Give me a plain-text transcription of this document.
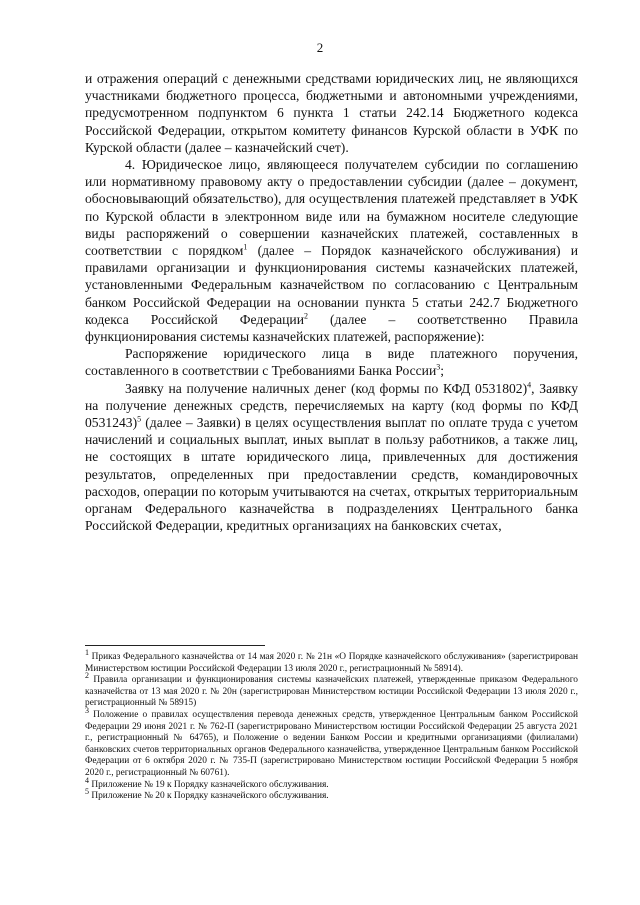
2

и отражения операций с денежными средствами юридических лиц, не являющихся участниками бюджетного процесса, бюджетными и автономными учреждениями, предусмотренном подпунктом 6 пункта 1 статьи 242.14 Бюджетного кодекса Российской Федерации, открытом комитету финансов Курской области в УФК по Курской области (далее – казначейский счет).

4. Юридическое лицо, являющееся получателем субсидии по соглашению или нормативному правовому акту о предоставлении субсидии (далее – документ, обосновывающий обязательство), для осуществления платежей представляет в УФК по Курской области в электронном виде или на бумажном носителе следующие виды распоряжений о совершении казначейских платежей, составленных в соответствии с порядком$^1$ (далее – Порядок казначейского обслуживания) и правилами организации и функционирования системы казначейских платежей, установленными Федеральным казначейством по согласованию с Центральным банком Российской Федерации на основании пункта 5 статьи 242.7 Бюджетного кодекса Российской Федерации$^2$ (далее – соответственно Правила функционирования системы казначейских платежей, распоряжение):

Распоряжение юридического лица в виде платежного поручения, составленного в соответствии с Требованиями Банка России$^3$;

Заявку на получение наличных денег (код формы по КФД 0531802)$^4$, Заявку на получение денежных средств, перечисляемых на карту (код формы по КФД 0531243)$^5$ (далее – Заявки) в целях осуществления выплат по оплате труда с учетом начислений и социальных выплат, иных выплат в пользу работников, а также лиц, не состоящих в штате юридического лица, привлеченных для достижения результатов, определенных при предоставлении средств, командировочных расходов, операции по которым учитываются на счетах, открытых территориальным органам Федерального казначейства в подразделениях Центрального банка Российской Федерации, кредитных организациях на банковских счетах,

$^1$ Приказ Федерального казначейства от 14 мая 2020 г. № 21н «О Порядке казначейского обслуживания» (зарегистрирован Министерством юстиции Российской Федерации 13 июля 2020 г., регистрационный № 58914).

$^2$ Правила организации и функционирования системы казначейских платежей, утвержденные приказом Федерального казначейства от 13 мая 2020 г. № 20н (зарегистрирован Министерством юстиции Российской Федерации 13 июля 2020 г., регистрационный № 58915)

$^3$ Положение о правилах осуществления перевода денежных средств, утвержденное Центральным банком Российской Федерации 29 июня 2021 г. № 762-П (зарегистрировано Министерством юстиции Российской Федерации 25 августа 2021 г., регистрационный № 64765), и Положение о ведении Банком России и кредитными организациями (филиалами) банковских счетов территориальных органов Федерального казначейства, утвержденное Центральным банком Российской Федерации от 6 октября 2020 г. № 735-П (зарегистрировано Министерством юстиции Российской Федерации 5 ноября 2020 г., регистрационный № 60761).

$^4$ Приложение № 19 к Порядку казначейского обслуживания.

$^5$ Приложение № 20 к Порядку казначейского обслуживания.
